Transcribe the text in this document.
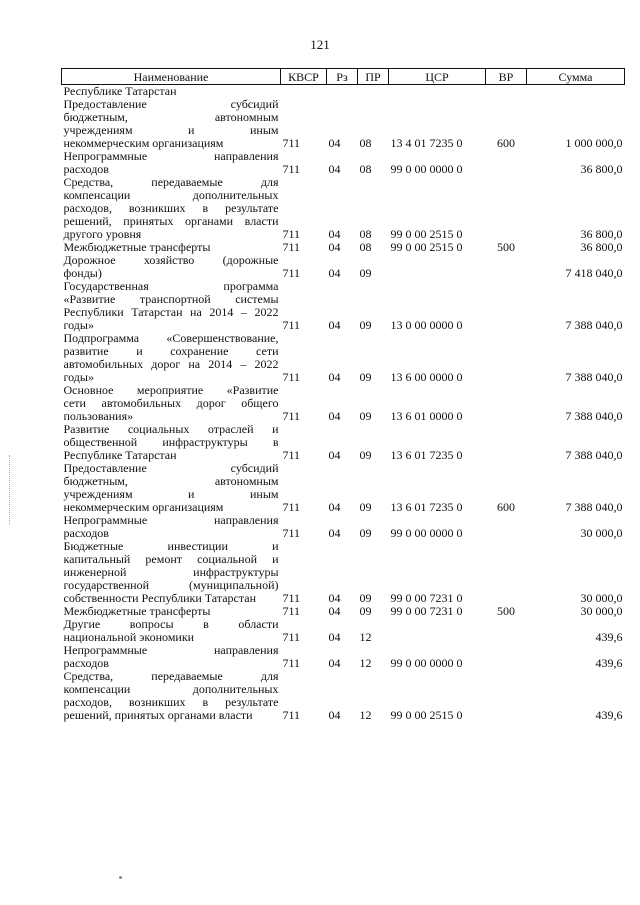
121
Наименование	КВСР	Рз	ПР	ЦСР	ВР	Сумма

Республике Татарстан						

Предоставление субсидий
бюджетным, автономным
учреждениям и иным
некоммерческим организациям	711	04	08	13 4 01 7235 0	600	1 000 000,0

Непрограммные направления
расходов	711	04	08	99 0 00 0000 0		36 800,0

Средства, передаваемые для
компенсации дополнительных
расходов, возникших в результате
решений, принятых органами власти
другого уровня	711	04	08	99 0 00 2515 0		36 800,0

Межбюджетные трансферты	711	04	08	99 0 00 2515 0	500	36 800,0

Дорожное хозяйство (дорожные
фонды)	711	04	09			7 418 040,0

Государственная программа
«Развитие транспортной системы
Республики Татарстан на 2014 – 2022
годы»	711	04	09	13 0 00 0000 0		7 388 040,0

Подпрограмма «Совершенствование,
развитие и сохранение сети
автомобильных дорог на 2014 – 2022
годы»	711	04	09	13 6 00 0000 0		7 388 040,0

Основное мероприятие «Развитие
сети автомобильных дорог общего
пользования»	711	04	09	13 6 01 0000 0		7 388 040,0

Развитие социальных отраслей и
общественной инфраструктуры в
Республике Татарстан	711	04	09	13 6 01 7235 0		7 388 040,0

Предоставление субсидий
бюджетным, автономным
учреждениям и иным
некоммерческим организациям	711	04	09	13 6 01 7235 0	600	7 388 040,0

Непрограммные направления
расходов	711	04	09	99 0 00 0000 0		30 000,0

Бюджетные инвестиции и
капитальный ремонт социальной и
инженерной инфраструктуры
государственной (муниципальной)
собственности Республики Татарстан	711	04	09	99 0 00 7231 0		30 000,0

Межбюджетные трансферты	711	04	09	99 0 00 7231 0	500	30 000,0

Другие вопросы в области
национальной экономики	711	04	12			439,6

Непрограммные направления
расходов	711	04	12	99 0 00 0000 0		439,6

Средства, передаваемые для
компенсации дополнительных
расходов, возникших в результате
решений, принятых органами власти	711	04	12	99 0 00 2515 0		439,6
